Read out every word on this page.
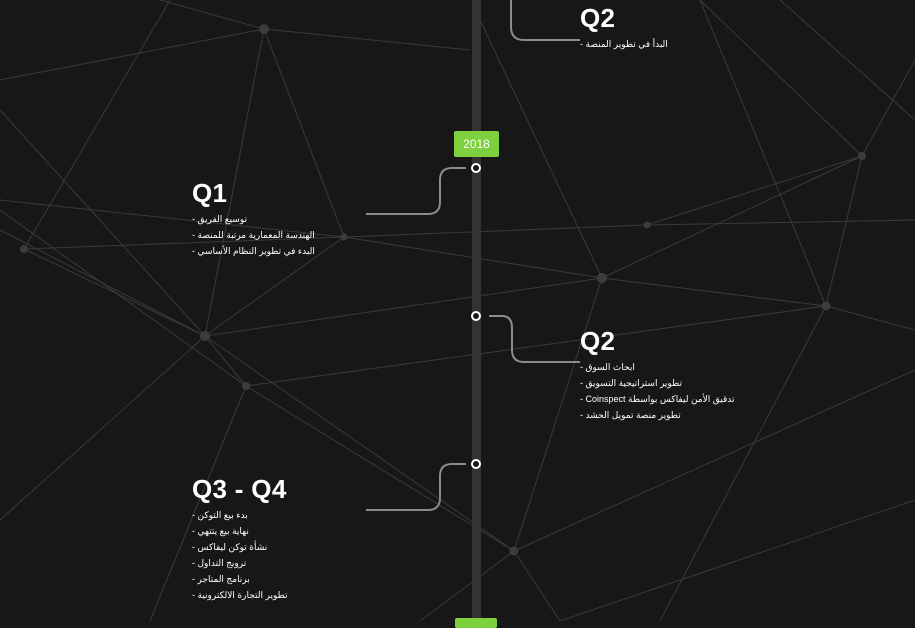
2018
Q2
- البدأ في تطوير المنصة
Q1
- توسيع الفريق
- الهندسة المعمارية مرتبة للمنصة
- البدء في تطوير النظام الأساسي
Q2
- ابحاث السوق
- تطوير استراتيجية التسويق
- Coinspect تدقيق الأمن ليفاكس بواسطة
- تطوير منصة تمويل الحشد
Q3 - Q4
- بدء بيع التوكن
- نهاية بيع يتتهي
- نشأة توكن ليفاكس
- ترويج التداول
- برنامج المتاجر
- تطوير التجارة الالكترونية
